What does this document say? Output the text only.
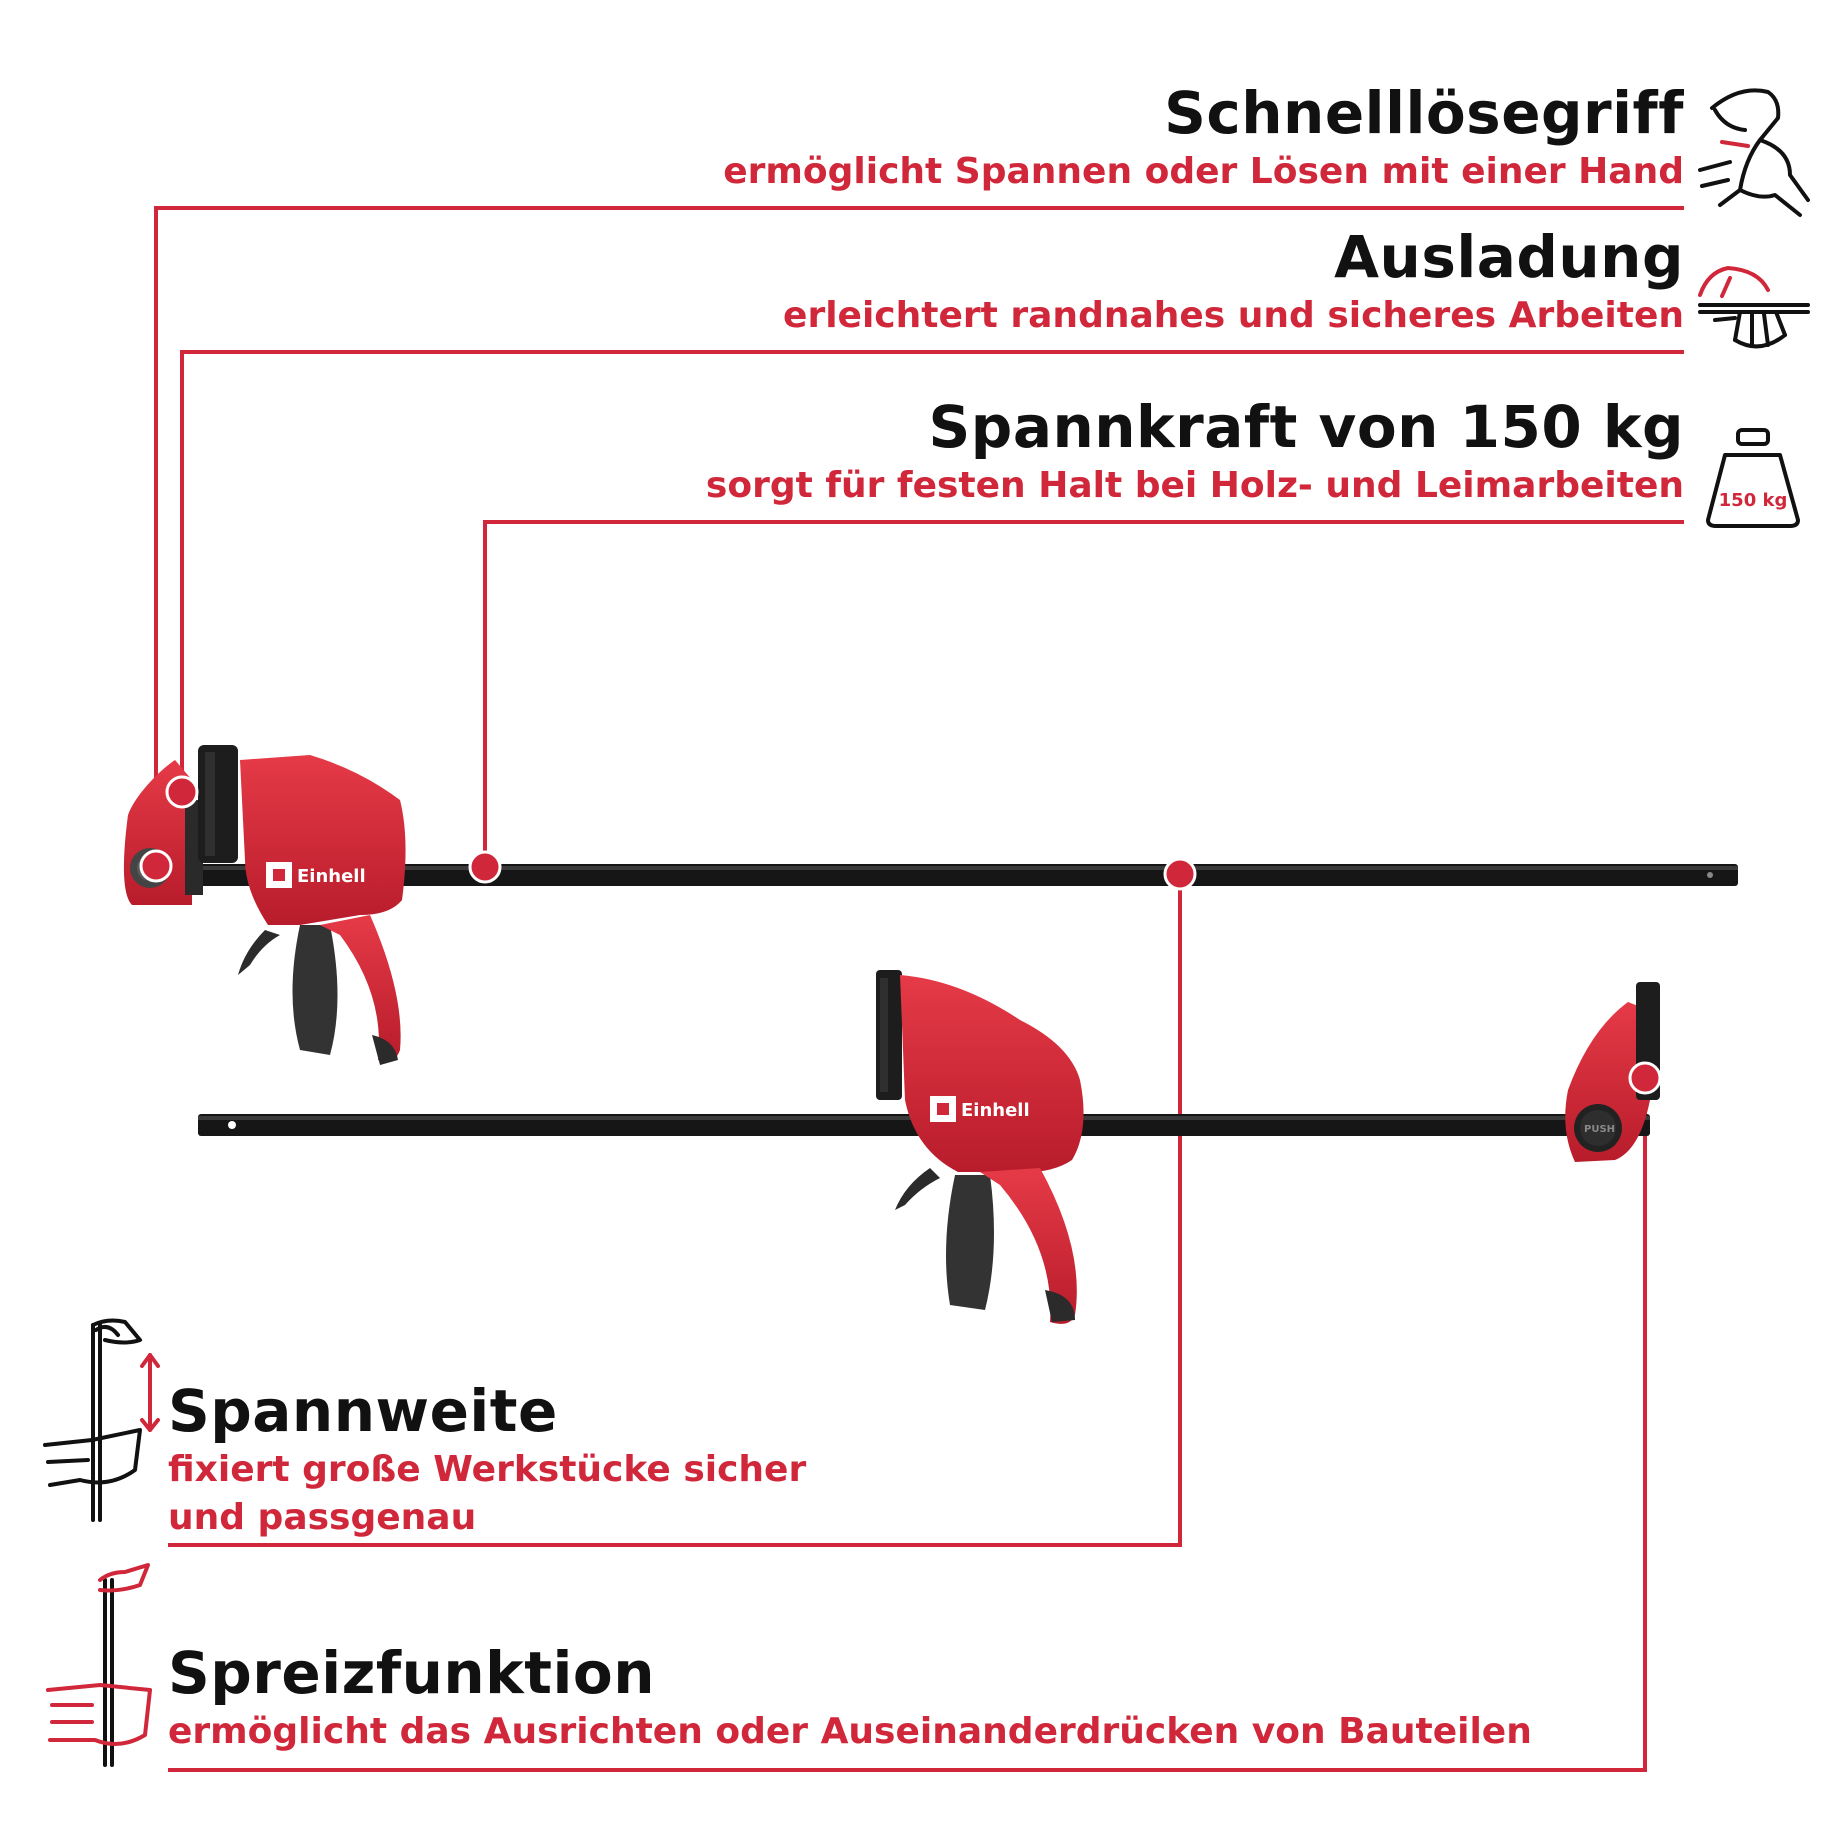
Einhell
Einhell
PUSH
150 kg
Schnelllösegriff
ermöglicht Spannen oder Lösen mit einer Hand
Ausladung
erleichtert randnahes und sicheres Arbeiten
Spannkraft von 150 kg
sorgt für festen Halt bei Holz- und Leimarbeiten
Spannweite
fixiert große Werkstücke sicher und passgenau
Spreizfunktion
ermöglicht das Ausrichten oder Auseinanderdrücken von Bauteilen
